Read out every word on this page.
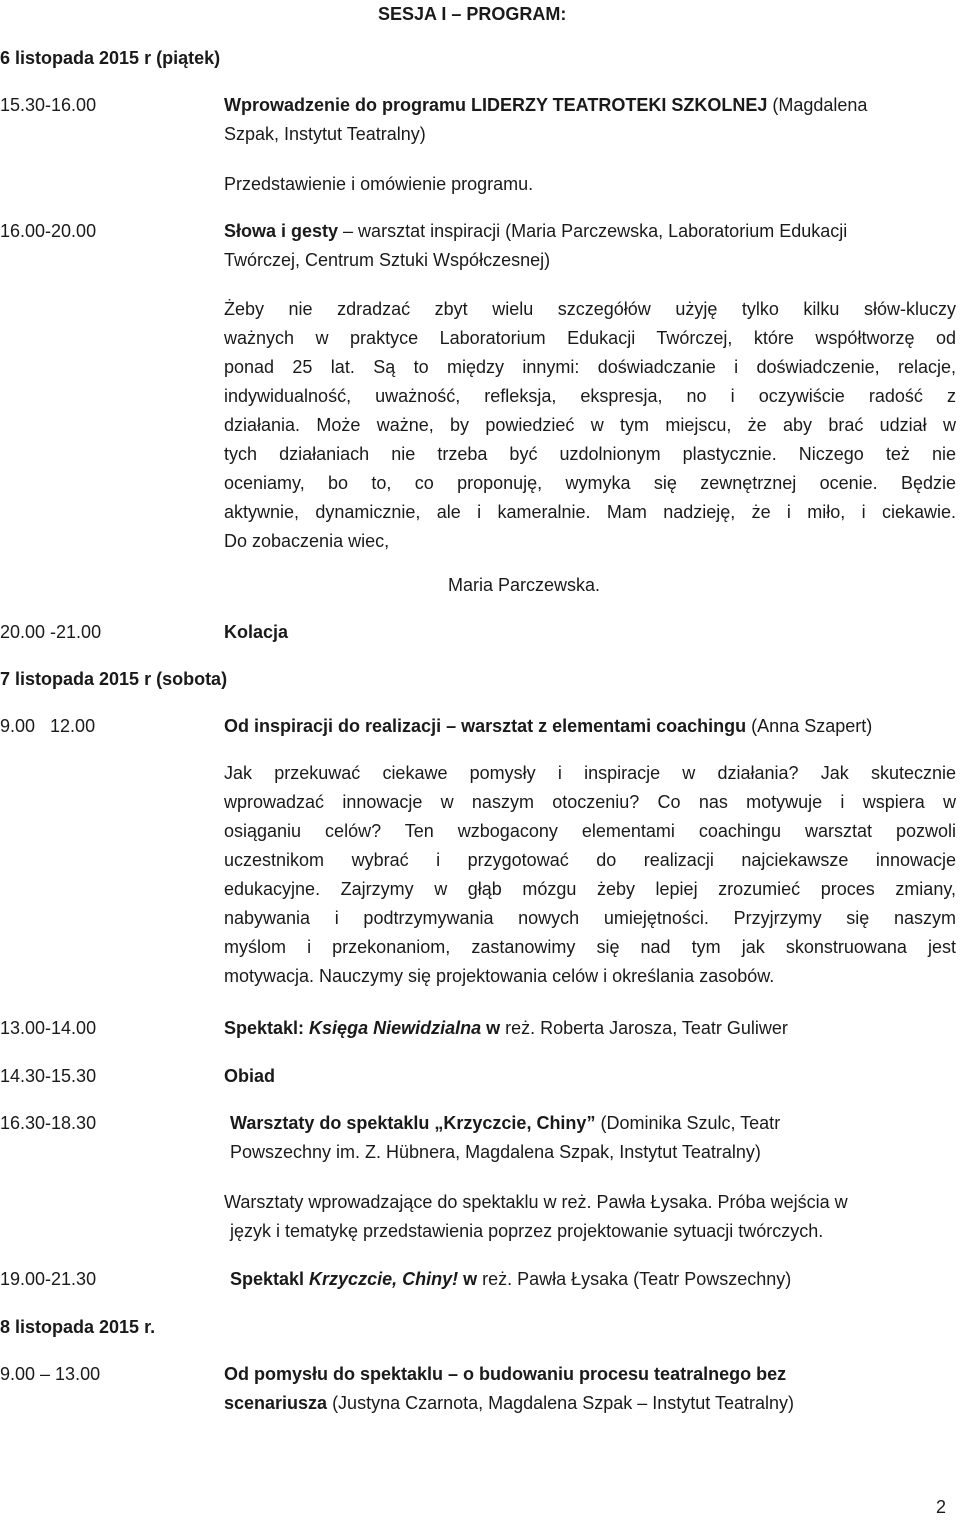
SESJA I – PROGRAM:
6 listopada 2015 r (piątek)
15.30-16.00	Wprowadzenie do programu LIDERZY TEATROTEKI SZKOLNEJ (Magdalena
Szpak, Instytut Teatralny)
Przedstawienie i omówienie programu.
16.00-20.00	Słowa i gesty – warsztat inspiracji (Maria Parczewska, Laboratorium Edukacji
Twórczej, Centrum Sztuki Współczesnej)
Żeby nie zdradzać zbyt wielu szczegółów użyję tylko kilku słów-kluczy
ważnych w praktyce Laboratorium Edukacji Twórczej, które współtworzę od
ponad 25 lat. Są to między innymi: doświadczanie i doświadczenie, relacje,
indywidualność, uważność, refleksja, ekspresja, no i oczywiście radość z
działania. Może ważne, by powiedzieć w tym miejscu, że aby brać udział w
tych działaniach nie trzeba być uzdolnionym plastycznie. Niczego też nie
oceniamy, bo to, co proponuję, wymyka się zewnętrznej ocenie. Będzie
aktywnie, dynamicznie, ale i kameralnie. Mam nadzieję, że i miło, i ciekawie.
Do zobaczenia wiec,
Maria Parczewska.
20.00 -21.00	Kolacja
7 listopada 2015 r (sobota)
9.00   12.00	Od inspiracji do realizacji – warsztat z elementami coachingu (Anna Szapert)
Jak przekuwać ciekawe pomysły i inspiracje w działania? Jak skutecznie
wprowadzać innowacje w naszym otoczeniu? Co nas motywuje i wspiera w
osiąganiu celów? Ten wzbogacony elementami coachingu warsztat pozwoli
uczestnikom wybrać i przygotować do realizacji najciekawsze innowacje
edukacyjne. Zajrzymy w głąb mózgu żeby lepiej zrozumieć proces zmiany,
nabywania i podtrzymywania nowych umiejętności. Przyjrzymy się naszym
myślom i przekonaniom, zastanowimy się nad tym jak skonstruowana jest
motywacja. Nauczymy się projektowania celów i określania zasobów.
13.00-14.00	Spektakl: Księga Niewidzialna w reż. Roberta Jarosza, Teatr Guliwer
14.30-15.30	Obiad
16.30-18.30	Warsztaty do spektaklu „Krzyczcie, Chiny” (Dominika Szulc, Teatr
Powszechny im. Z. Hübnera, Magdalena Szpak, Instytut Teatralny)
Warsztaty wprowadzające do spektaklu w reż. Pawła Łysaka. Próba wejścia w
język i tematykę przedstawienia poprzez projektowanie sytuacji twórczych.
19.00-21.30	Spektakl Krzyczcie, Chiny! w reż. Pawła Łysaka (Teatr Powszechny)
8 listopada 2015 r.
9.00 – 13.00	Od pomysłu do spektaklu – o budowaniu procesu teatralnego bez
scenariusza (Justyna Czarnota, Magdalena Szpak – Instytut Teatralny)
2
